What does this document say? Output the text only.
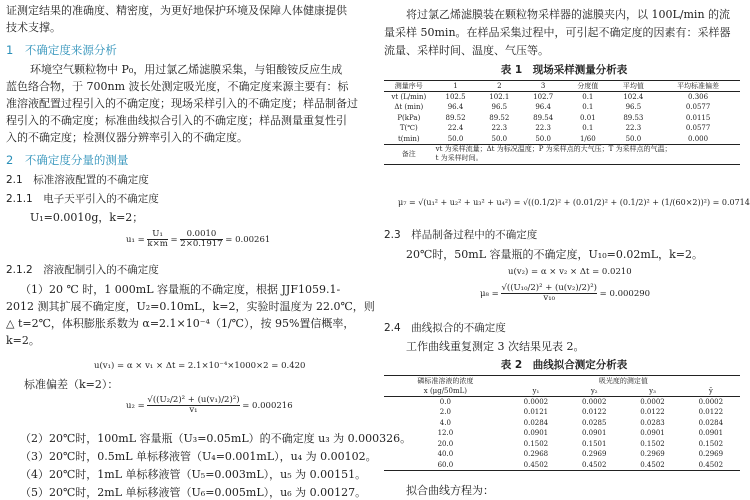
证测定结果的准确度、精密度，为更好地保护环境及保障人体健康提供
技术支撑。
1　不确定度来源分析
环境空气颗粒物中 P₀，用过氯乙烯滤膜采集，与钼酸铵反应生成
蓝色络合物，于 700nm 波长处测定吸光度，不确定度来源主要有：标
准溶液配置过程引入的不确定度；现场采样引入的不确定度；样品制备过
程引入的不确定度；标准曲线拟合引入的不确定度；样品测量重复性引
入的不确定度；检测仪器分辨率引入的不确定度。
2　不确定度分量的测量
2.1　标准溶液配置的不确定度
2.1.1　电子天平引入的不确定度
U₁=0.0010g，k=2；
$u_1 = \frac{\text{U₁}}{k\times m} = \frac{0.0010}{2\times 0.1917} = 0.00261$
2.1.2　溶液配制引入的不确定度
（1）20 ℃ 时，1 000mL 容量瓶的不确定度，根据 JJF1059.1-
2012 测其扩展不确定度，U₂=0.10mL，k=2，实验时温度为 22.0℃，则
△ t=2℃，体积膨胀系数为 α=2.1×10⁻⁴（1/℃），按 95%置信概率，
k=2。
u(v₁) = α × v₁ × Δt = 2.1×10⁻⁴×1000×2 = 0.420
标准偏差（k=2）：
$u_2 = \frac{\text{√((U₂/2)² + (u(v₁)/2)²)}}{\text{v₁}} = 0.000216$
（2）20℃时，100mL 容量瓶（U₃=0.05mL）的不确定度 u₃ 为 0.000326。
（3）20℃时，0.5mL 单标移液管（U₄=0.001mL），u₄ 为 0.00102。
（4）20℃时，1mL 单标移液管（U₅=0.003mL），u₅ 为 0.00151。
（5）20℃时，2mL 单标移液管（U₆=0.005mL），u₆ 为 0.00127。
将过氯乙烯滤膜装在颗粒物采样器的滤膜夹内，以 100L/min 的流
量采样 50min。在样品采集过程中，可引起不确定度的因素有：采样器
流量、采样时间、温度、气压等。
表 1　现场采样测量分析表
测量序号	1	2	3	分度值	平均值	平均标准偏差
vt (L/min)	102.5	102.1	102.7	0.1	102.4	0.306
Δt (min)	96.4	96.5	96.4	0.1	96.5	0.0577
P(kPa)	89.52	89.52	89.54	0.01	89.53	0.0115
T(℃)	22.4	22.3	22.3	0.1	22.3	0.0577
t(min)	50.0	50.0	50.0	1/60	50.0	0.000
备注	vt 为采样流量；Δt 为标况温度；P 为采样点的大气压；T 为采样点的气温；
t 为采样时间。					
μ₇ = √(u₁² + u₂² + u₃² + u₄²) = √((0.1/2)² + (0.01/2)² + (0.1/2)² + (1/(60×2))²) = 0.0714
2.3　样品制备过程中的不确定度
20℃时，50mL 容量瓶的不确定度，U₁₀=0.02mL，k=2。
u(v₂) = α × v₂ × Δt = 0.0210
$\mu_8 = \frac{\text{√((U₁₀/2)² + (u(v₂)/2)²)}}{\text{v₁₀}} = 0.000290$
2.4　曲线拟合的不确定度
工作曲线重复测定 3 次结果见表 2。
表 2　曲线拟合测定分析表
磷标准溶液的浓度	吸光度的测定值			
x (μg/50mL)	y₁	y₂	y₃	ȳ
0.0	0.0002	0.0002	0.0002	0.0002
2.0	0.0121	0.0122	0.0122	0.0122
4.0	0.0284	0.0285	0.0283	0.0284
12.0	0.0901	0.0901	0.0901	0.0901
20.0	0.1502	0.1501	0.1502	0.1502
40.0	0.2968	0.2969	0.2969	0.2969
60.0	0.4502	0.4502	0.4502	0.4502
拟合曲线方程为：
